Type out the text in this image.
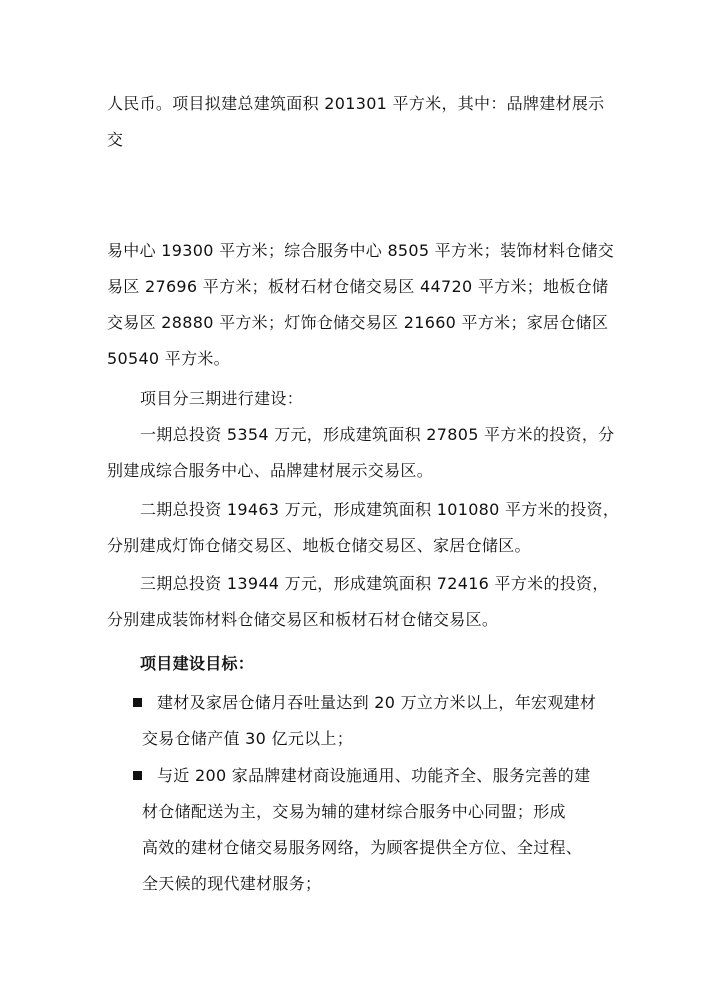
人民币。项目拟建总建筑面积 201301 平方米，其中：品牌建材展示
交
易中心 19300 平方米；综合服务中心 8505 平方米；装饰材料仓储交
易区 27696 平方米；板材石材仓储交易区 44720 平方米；地板仓储
交易区 28880 平方米；灯饰仓储交易区 21660 平方米；家居仓储区
50540 平方米。
项目分三期进行建设：
一期总投资 5354 万元，形成建筑面积 27805 平方米的投资，分
别建成综合服务中心、品牌建材展示交易区。
二期总投资 19463 万元，形成建筑面积 101080 平方米的投资，
分别建成灯饰仓储交易区、地板仓储交易区、家居仓储区。
三期总投资 13944 万元，形成建筑面积 72416 平方米的投资，
分别建成装饰材料仓储交易区和板材石材仓储交易区。
项目建设目标：
建材及家居仓储月吞吐量达到 20 万立方米以上，年宏观建材
交易仓储产值 30 亿元以上；
与近 200 家品牌建材商设施通用、功能齐全、服务完善的建
材仓储配送为主，交易为辅的建材综合服务中心同盟；形成
高效的建材仓储交易服务网络，为顾客提供全方位、全过程、
全天候的现代建材服务；
